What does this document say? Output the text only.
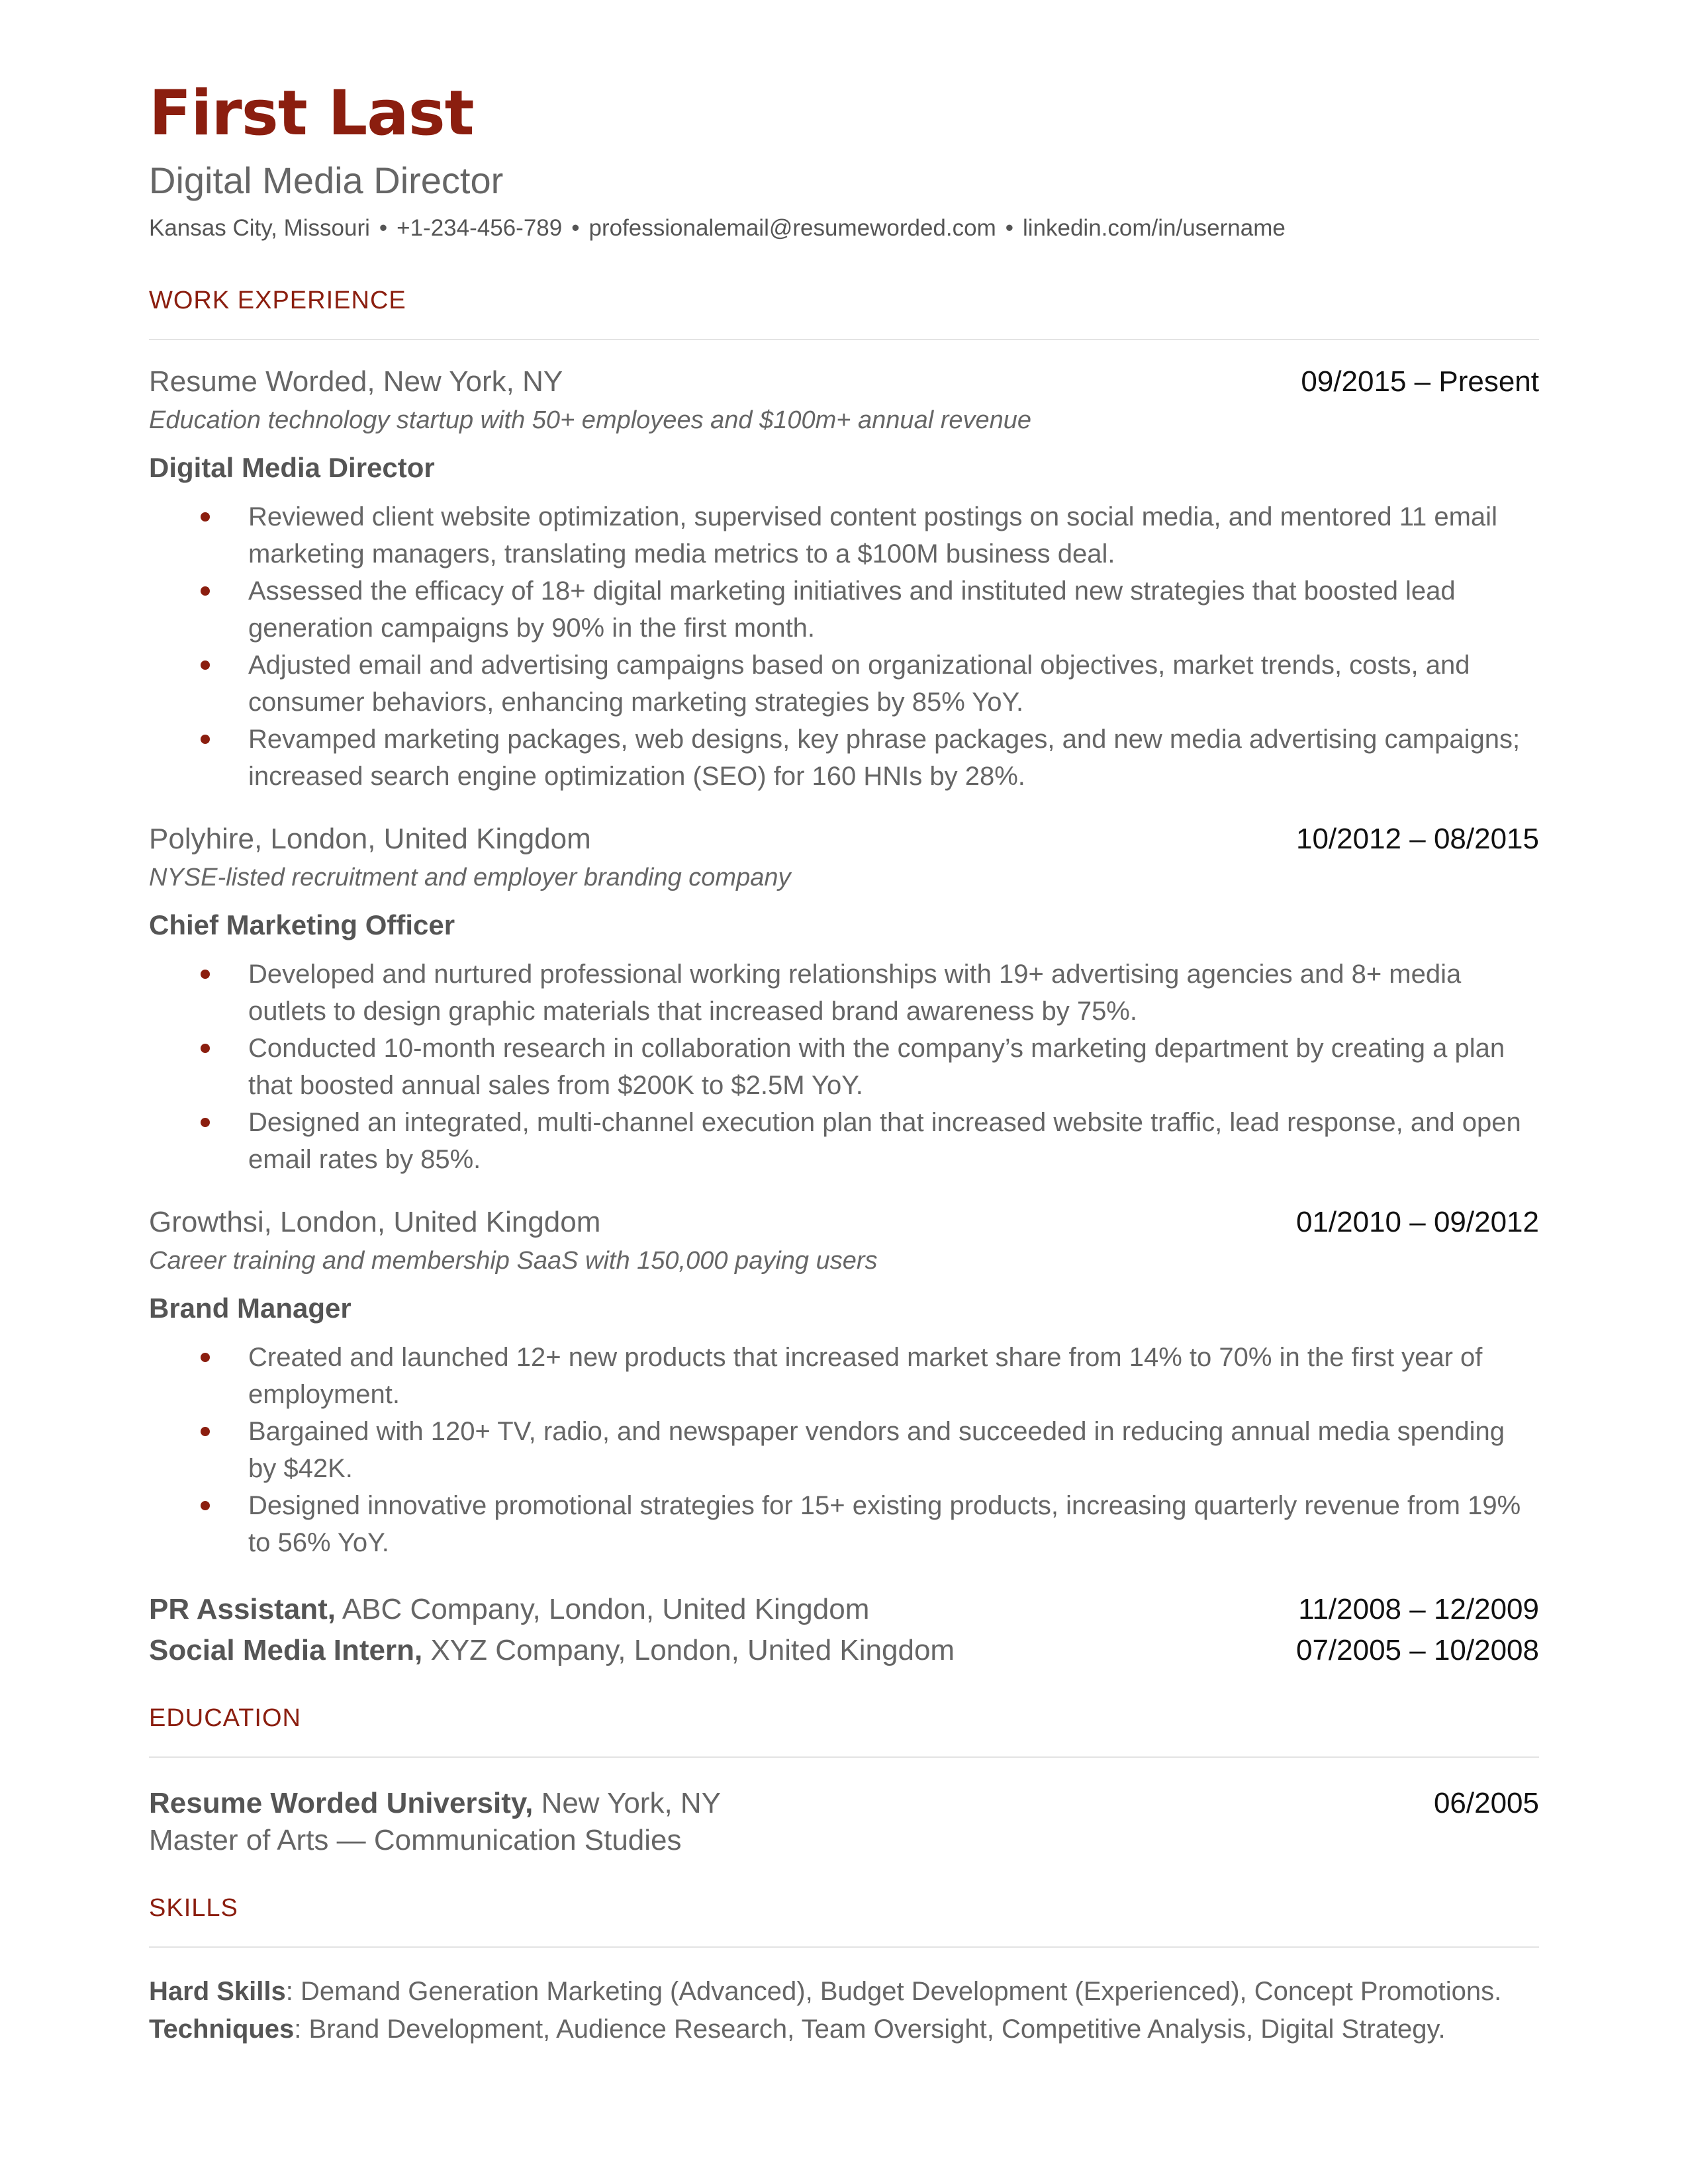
First Last
Digital Media Director
Kansas City, Missouri • +1-234-456-789 • professionalemail@resumeworded.com • linkedin.com/in/username
WORK EXPERIENCE
Resume Worded, New York, NY	09/2015 – Present
Education technology startup with 50+ employees and $100m+ annual revenue
Digital Media Director
Reviewed client website optimization, supervised content postings on social media, and mentored 11 email marketing managers, translating media metrics to a $100M business deal.
Assessed the efficacy of 18+ digital marketing initiatives and instituted new strategies that boosted lead generation campaigns by 90% in the first month.
Adjusted email and advertising campaigns based on organizational objectives, market trends, costs, and consumer behaviors, enhancing marketing strategies by 85% YoY.
Revamped marketing packages, web designs, key phrase packages, and new media advertising campaigns; increased search engine optimization (SEO) for 160 HNIs by 28%.
Polyhire, London, United Kingdom	10/2012 – 08/2015
NYSE-listed recruitment and employer branding company
Chief Marketing Officer
Developed and nurtured professional working relationships with 19+ advertising agencies and 8+ media outlets to design graphic materials that increased brand awareness by 75%.
Conducted 10-month research in collaboration with the company’s marketing department by creating a plan that boosted annual sales from $200K to $2.5M YoY.
Designed an integrated, multi-channel execution plan that increased website traffic, lead response, and open email rates by 85%.
Growthsi, London, United Kingdom	01/2010 – 09/2012
Career training and membership SaaS with 150,000 paying users
Brand Manager
Created and launched 12+ new products that increased market share from 14% to 70% in the first year of employment.
Bargained with 120+ TV, radio, and newspaper vendors and succeeded in reducing annual media spending by $42K.
Designed innovative promotional strategies for 15+ existing products, increasing quarterly revenue from 19% to 56% YoY.
PR Assistant, ABC Company, London, United Kingdom	11/2008 – 12/2009
Social Media Intern, XYZ Company, London, United Kingdom	07/2005 – 10/2008
EDUCATION
Resume Worded University, New York, NY	06/2005
Master of Arts — Communication Studies
SKILLS

Hard Skills: Demand Generation Marketing (Advanced), Budget Development (Experienced), Concept Promotions.

Techniques: Brand Development, Audience Research, Team Oversight, Competitive Analysis, Digital Strategy.
